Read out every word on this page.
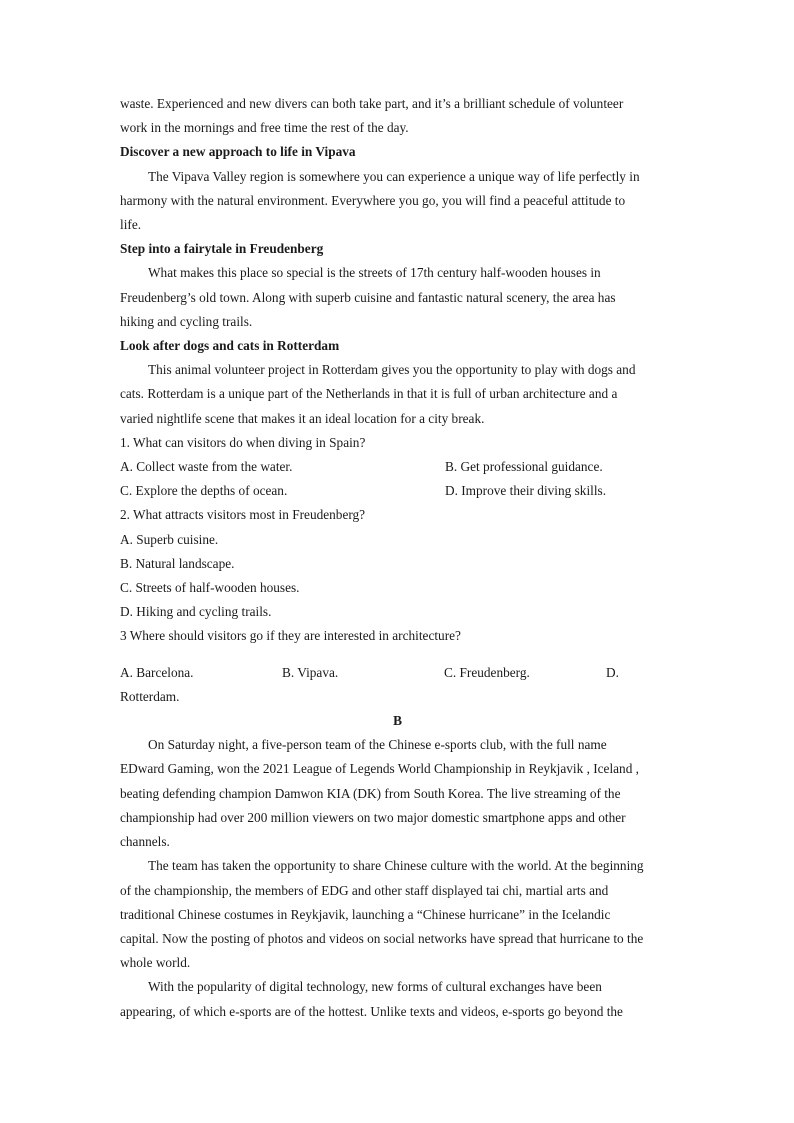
waste. Experienced and new divers can both take part, and it’s a brilliant schedule of volunteer

work in the mornings and free time the rest of the day.

Discover a new approach to life in Vipava

The Vipava Valley region is somewhere you can experience a unique way of life perfectly in

harmony with the natural environment. Everywhere you go, you will find a peaceful attitude to

life.

Step into a fairytale in Freudenberg

What makes this place so special is the streets of 17th century half-wooden houses in

Freudenberg’s old town. Along with superb cuisine and fantastic natural scenery, the area has

hiking and cycling trails.

Look after dogs and cats in Rotterdam

This animal volunteer project in Rotterdam gives you the opportunity to play with dogs and

cats. Rotterdam is a unique part of the Netherlands in that it is full of urban architecture and a

varied nightlife scene that makes it an ideal location for a city break.

1. What can visitors do when diving in Spain?

A. Collect waste from the water.	B. Get professional guidance.
C. Explore the depths of ocean.	D. Improve their diving skills.

2. What attracts visitors most in Freudenberg?

A. Superb cuisine.

B. Natural landscape.

C. Streets of half-wooden houses.

D. Hiking and cycling trails.

3 Where should visitors go if they are interested in architecture?

A. Barcelona.	B. Vipava.	C. Freudenberg.	D.

Rotterdam.

B

On Saturday night, a five-person team of the Chinese e-sports club, with the full name

EDward Gaming, won the 2021 League of Legends World Championship in Reykjavik , Iceland ,

beating defending champion Damwon KIA (DK) from South Korea. The live streaming of the

championship had over 200 million viewers on two major domestic smartphone apps and other

channels.

The team has taken the opportunity to share Chinese culture with the world. At the beginning

of the championship, the members of EDG and other staff displayed tai chi, martial arts and

traditional Chinese costumes in Reykjavik, launching a “Chinese hurricane” in the Icelandic

capital. Now the posting of photos and videos on social networks have spread that hurricane to the

whole world.

With the popularity of digital technology, new forms of cultural exchanges have been

appearing, of which e-sports are of the hottest. Unlike texts and videos, e-sports go beyond the
